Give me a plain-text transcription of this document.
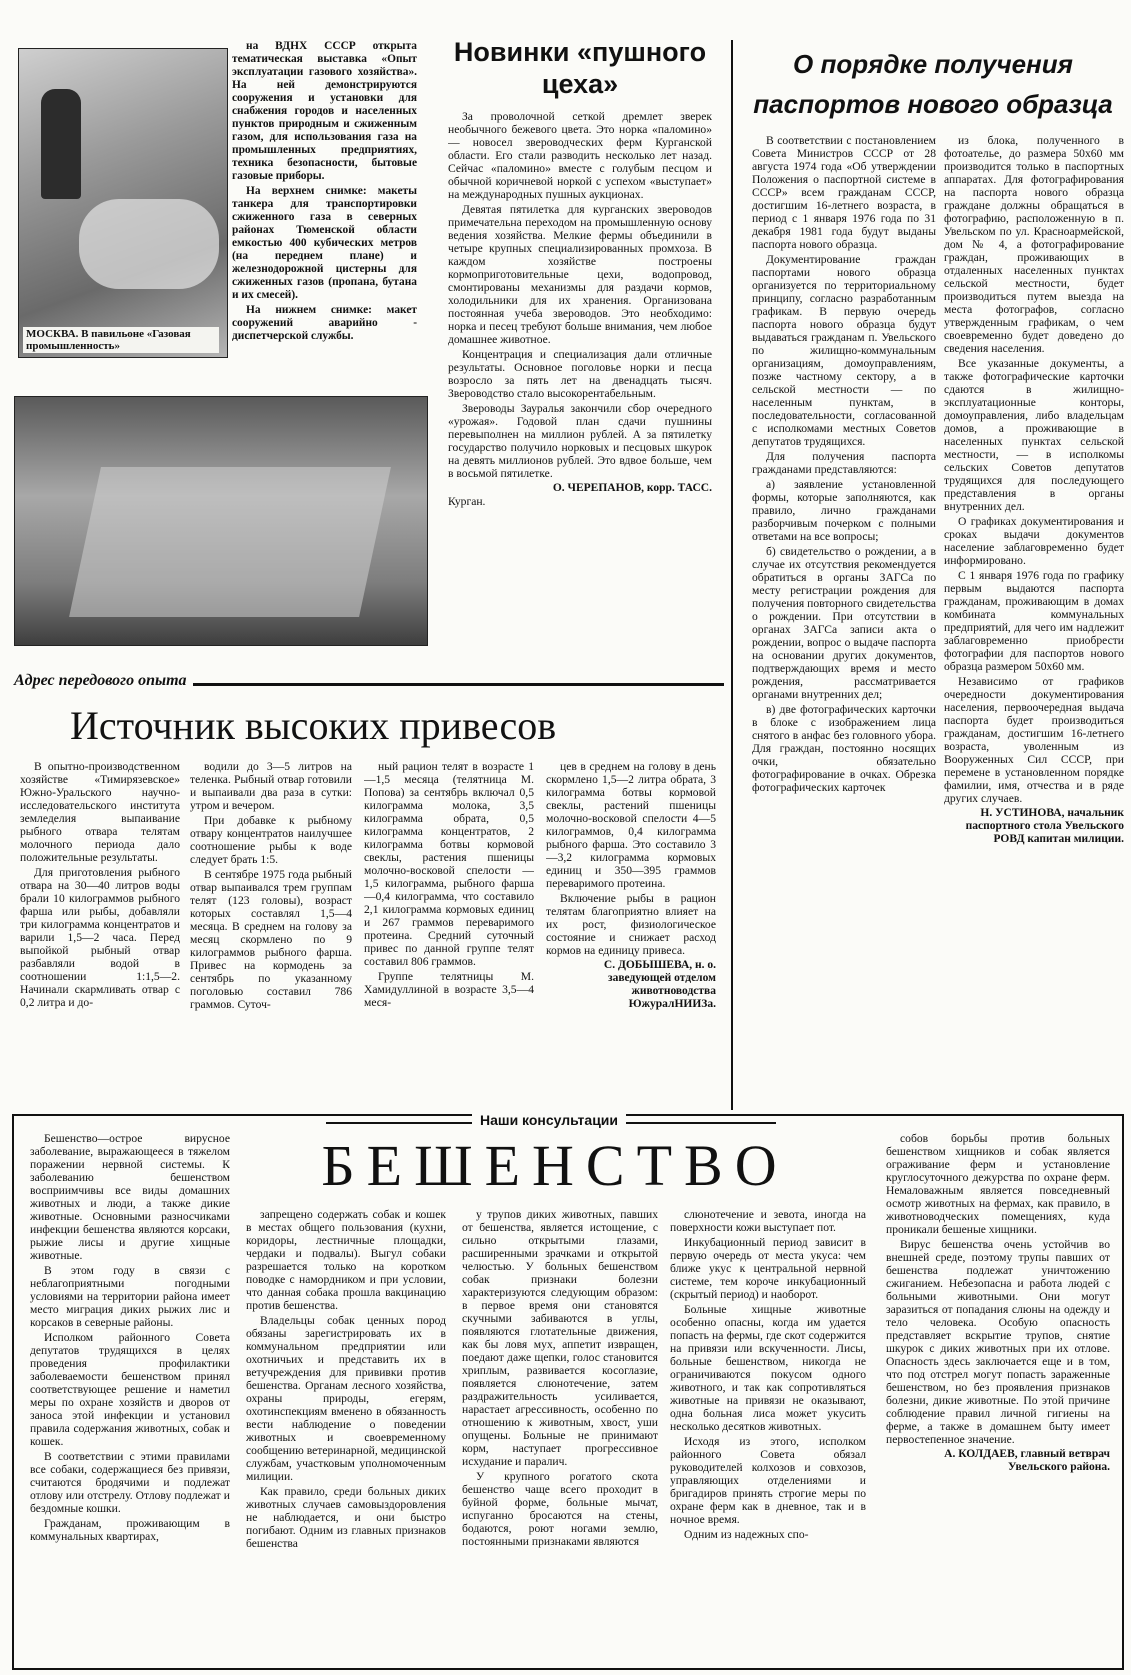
МОСКВА. В павильоне «Газовая промышленность»

на ВДНХ СССР открыта тематическая выставка «Опыт эксплуатации газового хозяйства». На ней демонстрируются сооружения и установки для снабжения городов и населенных пунктов природным и сжиженным газом, для использования газа на промышленных предприятиях, техника безопасности, бытовые газовые приборы.

На верхнем снимке: макеты танкера для транспортировки сжиженного газа в северных районах Тюменской области емкостью 400 кубических метров (на переднем плане) и железнодорожной цистерны для сжиженных газов (пропана, бутана и их смесей).

На нижнем снимке: макет сооружений аварийно - диспетчерской службы.

Новинки «пушного цеха»

За проволочной сеткой дремлет зверек необычного бежевого цвета. Это норка «паломино» — новосел звероводческих ферм Курганской области. Его стали разводить несколько лет назад. Сейчас «паломино» вместе с голубым песцом и обычной коричневой норкой с успехом «выступает» на международных пушных аукционах.

Девятая пятилетка для курганских звероводов примечательна переходом на промышленную основу ведения хозяйства. Мелкие фермы объединили в четыре крупных специализированных промхоза. В каждом хозяйстве построены кормоприготовительные цехи, водопровод, смонтированы механизмы для раздачи кормов, холодильники для их хранения. Организована постоянная учеба звероводов. Это необходимо: норка и песец требуют больше внимания, чем любое домашнее животное.

Концентрация и специализация дали отличные результаты. Основное поголовье норки и песца возросло за пять лет на двенадцать тысяч. Звероводство стало высокорентабельным.

Звероводы Зауралья закончили сбор очередного «урожая». Годовой план сдачи пушнины перевыполнен на миллион рублей. А за пятилетку государство получило норковых и песцовых шкурок на девять миллионов рублей. Это вдвое больше, чем в восьмой пятилетке.

О. ЧЕРЕПАНОВ, корр. ТАСС.
Курган.
О порядке получения
паспортов нового образца

В соответствии с постановлением Совета Министров СССР от 28 августа 1974 года «Об утверждении Положения о паспортной системе в СССР» всем гражданам СССР, достигшим 16-летнего возраста, в период с 1 января 1976 года по 31 декабря 1981 года будут выданы паспорта нового образца.

Документирование граждан паспортами нового образца организуется по территориальному принципу, согласно разработанным графикам. В первую очередь паспорта нового образца будут выдаваться гражданам п. Увельского по жилищно-коммунальным организациям, домоуправлениям, позже частному сектору, а в сельской местности — по населенным пунктам, в последовательности, согласованной с исполкомами местных Советов депутатов трудящихся.

Для получения паспорта гражданами представляются:

а) заявление установленной формы, которые заполняются, как правило, лично гражданами разборчивым почерком с полными ответами на все вопросы;

б) свидетельство о рождении, а в случае их отсутствия рекомендуется обратиться в органы ЗАГСа по месту регистрации рождения для получения повторного свидетельства о рождении. При отсутствии в органах ЗАГСа записи акта о рождении, вопрос о выдаче паспорта на основании других документов, подтверждающих время и место рождения, рассматривается органами внутренних дел;

в) две фотографических карточки в блоке с изображением лица снятого в анфас без головного убора. Для граждан, постоянно носящих очки, обязательно фотографирование в очках. Обрезка фотографических карточек

из блока, полученного в фотоателье, до размера 50х60 мм производится только в паспортных аппаратах. Для фотографирования на паспорта нового образца граждане должны обращаться в фотографию, расположенную в п. Увельском по ул. Красноармейской, дом № 4, а фотографирование граждан, проживающих в отдаленных населенных пунктах сельской местности, будет производиться путем выезда на места фотографов, согласно утвержденным графикам, о чем своевременно будет доведено до сведения населения.

Все указанные документы, а также фотографические карточки сдаются в жилищно-эксплуатационные конторы, домоуправления, либо владельцам домов, а проживающие в населенных пунктах сельской местности, — в исполкомы сельских Советов депутатов трудящихся для последующего представления в органы внутренних дел.

О графиках документирования и сроках выдачи документов население заблаговременно будет информировано.

С 1 января 1976 года по графику первым выдаются паспорта гражданам, проживающим в домах комбината коммунальных предприятий, для чего им надлежит заблаговременно приобрести фотографии для паспортов нового образца размером 50х60 мм.

Независимо от графиков очередности документирования населения, первоочередная выдача паспорта будет производиться гражданам, достигшим 16-летнего возраста, уволенным из Вооруженных Сил СССР, при перемене в установленном порядке фамилии, имя, отчества и в ряде других случаев.

Н. УСТИНОВА, начальник паспортного стола Увельского РОВД капитан милиции.
Адрес передового опыта
Источник высоких привесов

В опытно-производственном хозяйстве «Тимирязевское» Южно-Уральского научно-исследовательского института земледелия выпаивание рыбного отвара телятам молочного периода дало положительные результаты.

Для приготовления рыбного отвара на 30—40 литров воды брали 10 килограммов рыбного фарша или рыбы, добавляли три килограмма концентратов и варили 1,5—2 часа. Перед выпойкой рыбный отвар разбавляли водой в соотношении 1:1,5—2. Начинали скармливать отвар с 0,2 литра и до-

водили до 3—5 литров на теленка. Рыбный отвар готовили и выпаивали два раза в сутки: утром и вечером.

При добавке к рыбному отвару концентратов наилучшее соотношение рыбы к воде следует брать 1:5.

В сентябре 1975 года рыбный отвар выпаивался трем группам телят (123 головы), возраст которых составлял 1,5—4 месяца. В среднем на голову за месяц скормлено по 9 килограммов рыбного фарша. Привес на кормодень за сентябрь по указанному поголовью составил 786 граммов. Суточ-

ный рацион телят в возрасте 1—1,5 месяца (телятница М. Попова) за сентябрь включал 0,5 килограмма молока, 3,5 килограмма обрата, 0,5 килограмма концентратов, 2 килограмма ботвы кормовой свеклы, растения пшеницы молочно-восковой спелости — 1,5 килограмма, рыбного фарша —0,4 килограмма, что составило 2,1 килограмма кормовых единиц и 267 граммов переваримого протеина. Средний суточный привес по данной группе телят составил 806 граммов.

Группе телятницы М. Хамидуллиной в возрасте 3,5—4 меся-

цев в среднем на голову в день скормлено 1,5—2 литра обрата, 3 килограмма ботвы кормовой свеклы, растений пшеницы молочно-восковой спелости 4—5 килограммов, 0,4 килограмма рыбного фарша. Это составило 3—3,2 килограмма кормовых единиц и 350—395 граммов переваримого протеина.

Включение рыбы в рацион телятам благоприятно влияет на их рост, физиологическое состояние и снижает расход кормов на единицу привеса.

С. ДОБЫШЕВА, н. о. заведующей отделом животноводства ЮжуралНИИЗа.
Наши консультации
БЕШЕНСТВО

Бешенство—острое вирусное заболевание, выражающееся в тяжелом поражении нервной системы. К заболеванию бешенством восприимчивы все виды домашних животных и люди, а также дикие животные. Основными разносчиками инфекции бешенства являются корсаки, рыжие лисы и другие хищные животные.

В этом году в связи с неблагоприятными погодными условиями на территории района имеет место миграция диких рыжих лис и корсаков в северные районы.

Исполком районного Совета депутатов трудящихся в целях проведения профилактики заболеваемости бешенством принял соответствующее решение и наметил меры по охране хозяйств и дворов от заноса этой инфекции и установил правила содержания животных, собак и кошек.

В соответствии с этими правилами все собаки, содержащиеся без привязи, считаются бродячими и подлежат отлову или отстрелу. Отлову подлежат и бездомные кошки.

Гражданам, проживающим в коммунальных квартирах,

запрещено содержать собак и кошек в местах общего пользования (кухни, коридоры, лестничные площадки, чердаки и подвалы). Выгул собаки разрешается только на коротком поводке с намордником и при условии, что данная собака прошла вакцинацию против бешенства.

Владельцы собак ценных пород обязаны зарегистрировать их в коммунальном предприятии или охотничьих и представить их в ветучреждения для прививки против бешенства. Органам лесного хозяйства, охраны природы, егерям, охотинспекциям вменено в обязанность вести наблюдение о поведении животных и своевременному сообщению ветеринарной, медицинской службам, участковым уполномоченным милиции.

Как правило, среди больных диких животных случаев самовыздоровления не наблюдается, и они быстро погибают. Одним из главных признаков бешенства

у трупов диких животных, павших от бешенства, является истощение, с сильно открытыми глазами, расширенными зрачками и открытой челюстью. У больных бешенством собак признаки болезни характеризуются следующим образом: в первое время они становятся скучными забиваются в углы, появляются глотательные движения, как бы ловя мух, аппетит извращен, поедают даже щепки, голос становится хриплым, развивается косоглазие, появляется слюнотечение, затем раздражительность усиливается, нарастает агрессивность, особенно по отношению к животным, хвост, уши опущены. Больные не принимают корм, наступает прогрессивное исхудание и паралич.

У крупного рогатого скота бешенство чаще всего проходит в буйной форме, больные мычат, испуганно бросаются на стены, бодаются, роют ногами землю, постоянными признаками являются

слюнотечение и зевота, иногда на поверхности кожи выступает пот.

Инкубационный период зависит в первую очередь от места укуса: чем ближе укус к центральной нервной системе, тем короче инкубационный (скрытый период) и наоборот.

Больные хищные животные особенно опасны, когда им удается попасть на фермы, где скот содержится на привязи или вскученности. Лисы, больные бешенством, никогда не ограничиваются покусом одного животного, и так как сопротивляться животные на привязи не оказывают, одна больная лиса может укусить несколько десятков животных.

Исходя из этого, исполком районного Совета обязал руководителей колхозов и совхозов, управляющих отделениями и бригадиров принять строгие меры по охране ферм как в дневное, так и в ночное время.

Одним из надежных спо-

собов борьбы против больных бешенством хищников и собак является ограживание ферм и установление круглосуточного дежурства по охране ферм. Немаловажным является повседневный осмотр животных на фермах, как правило, в животноводческих помещениях, куда проникали бешеные хищники.

Вирус бешенства очень устойчив во внешней среде, поэтому трупы павших от бешенства подлежат уничтожению сжиганием. Небезопасна и работа людей с больными животными. Они могут заразиться от попадания слюны на одежду и тело человека. Особую опасность представляет вскрытие трупов, снятие шкурок с диких животных при их отлове. Опасность здесь заключается еще и в том, что под отстрел могут попасть зараженные бешенством, но без проявления признаков болезни, дикие животные. По этой причине соблюдение правил личной гигиены на ферме, а также в домашнем быту имеет первостепенное значение.

А. КОЛДАЕВ, главный ветврач Увельского района.
